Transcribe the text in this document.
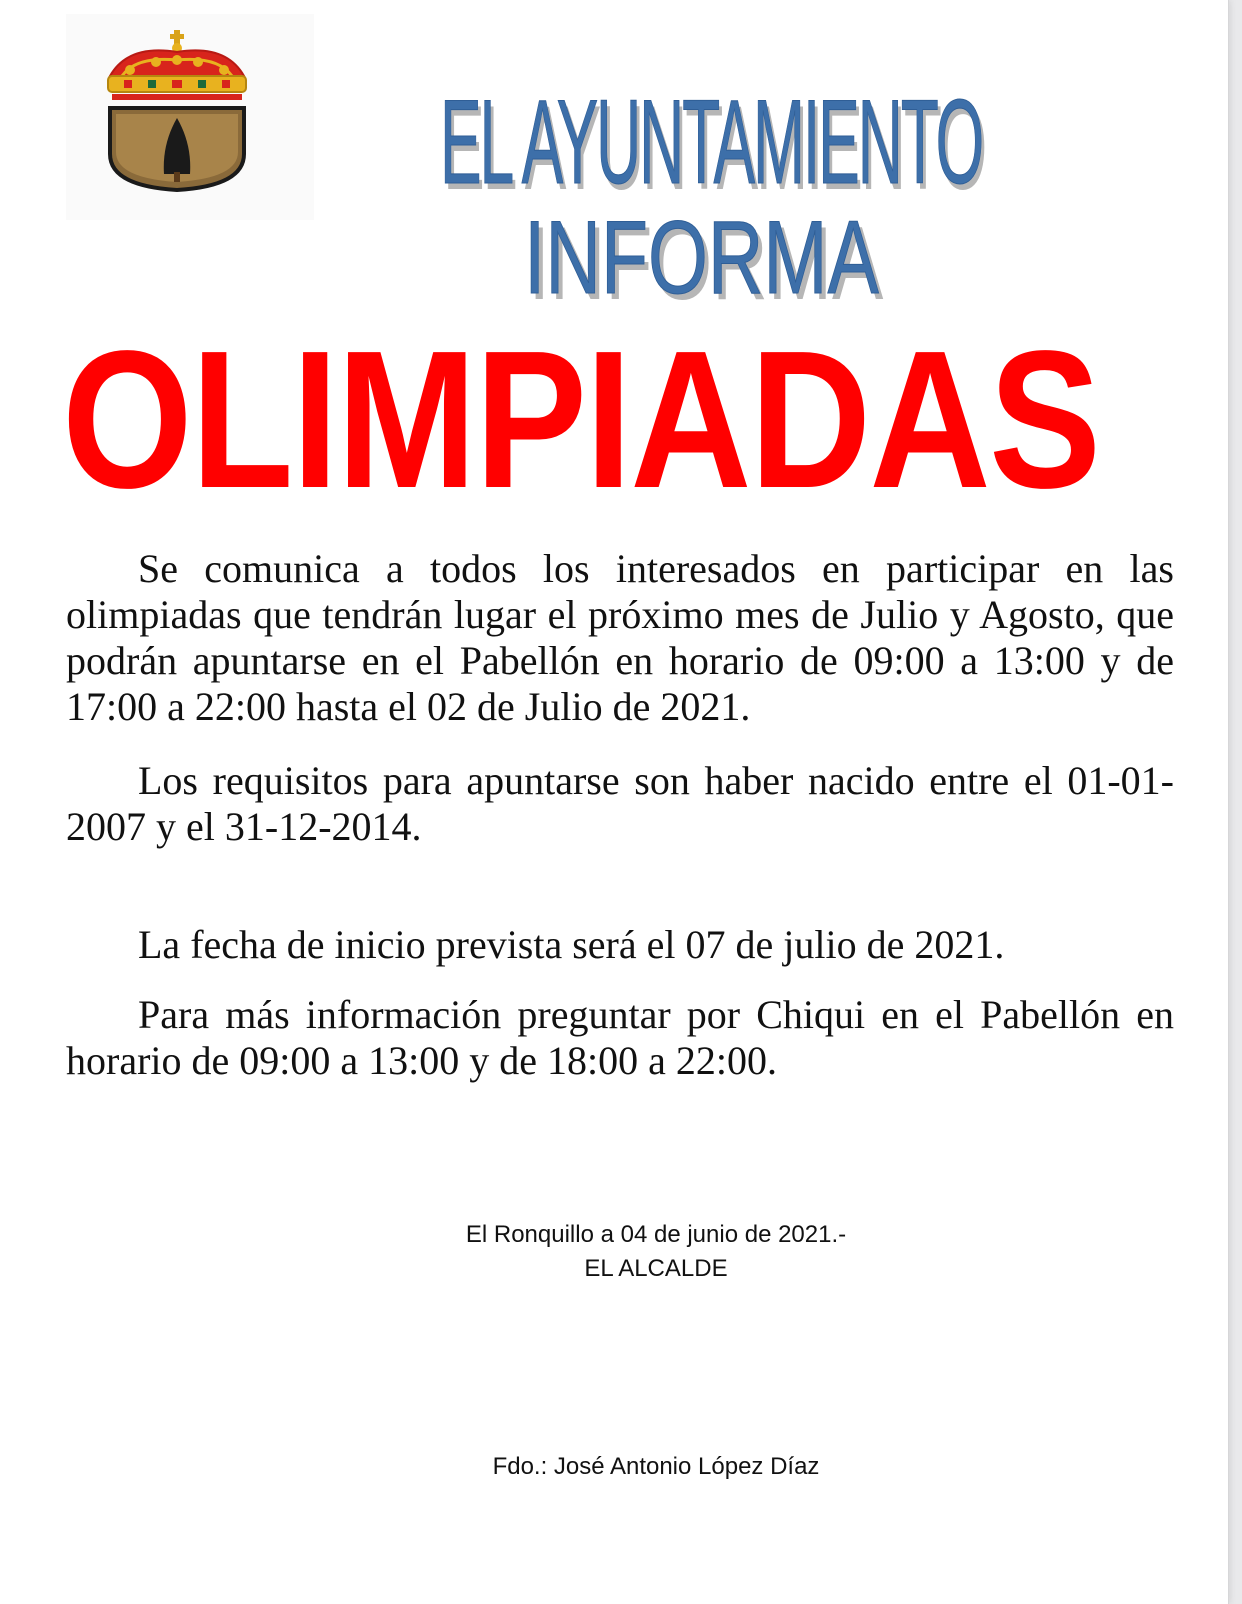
EL AYUNTAMIENTO
INFORMA
OLIMPIADAS

Se comunica a todos los interesados en participar en las olimpiadas que tendrán lugar el próximo mes de Julio y Agosto, que podrán apuntarse en el Pabellón en horario de 09:00 a 13:00 y de 17:00 a 22:00 hasta el 02 de Julio de 2021.

Los requisitos para apuntarse son haber nacido entre el 01-01-2007 y el 31-12-2014.

La fecha de inicio prevista será el 07 de julio de 2021.

Para más información preguntar por Chiqui en el Pabellón en horario de 09:00 a 13:00 y de 18:00 a 22:00.

El Ronquillo a 04 de junio de 2021.-
EL ALCALDE
Fdo.: José Antonio López Díaz
